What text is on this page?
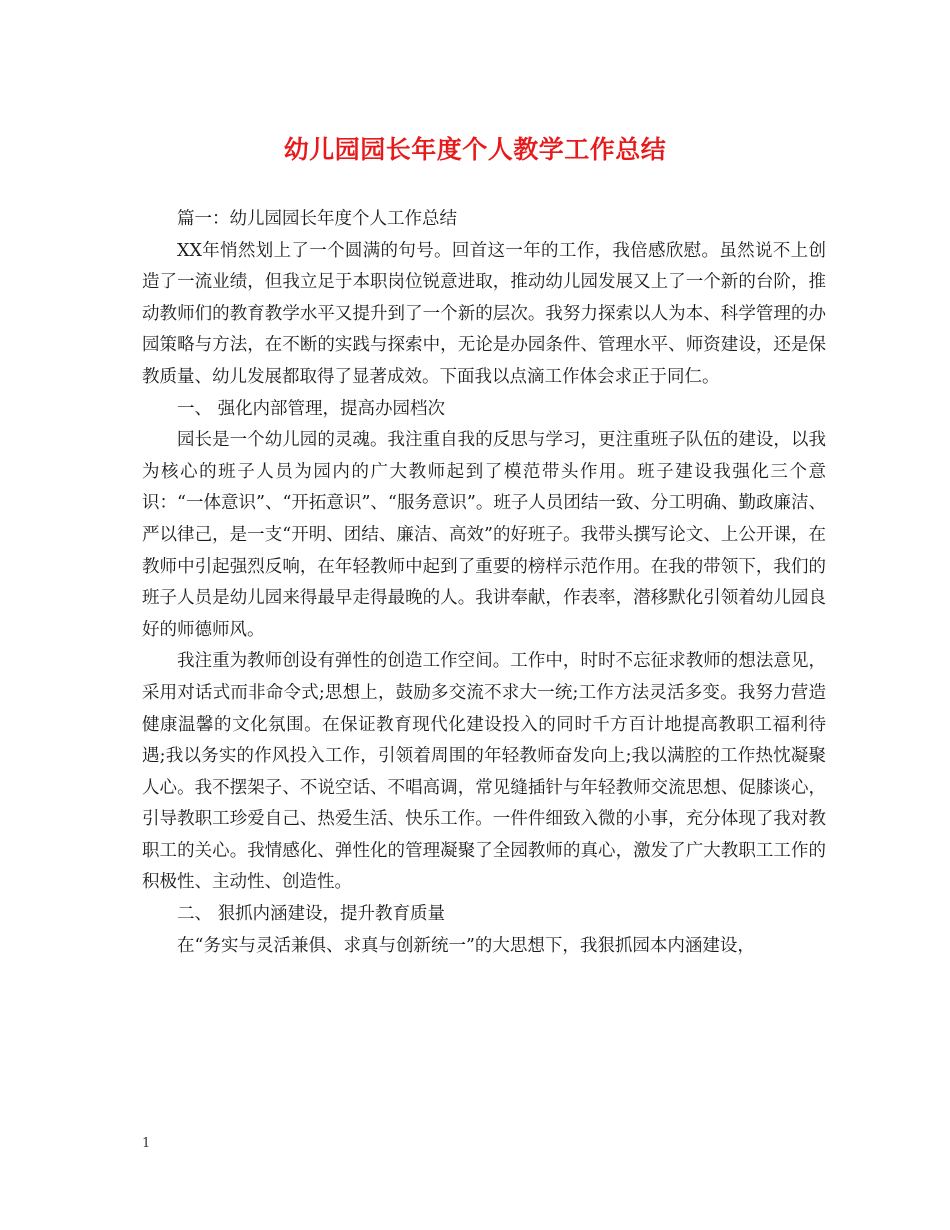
幼儿园园长年度个人教学工作总结

篇一：幼儿园园长年度个人工作总结

XX年悄然划上了一个圆满的句号。回首这一年的工作，我倍感欣慰。虽然说不上创造了一流业绩，但我立足于本职岗位锐意进取，推动幼儿园发展又上了一个新的台阶，推动教师们的教育教学水平又提升到了一个新的层次。我努力探索以人为本、科学管理的办园策略与方法，在不断的实践与探索中，无论是办园条件、管理水平、师资建设，还是保教质量、幼儿发展都取得了显著成效。下面我以点滴工作体会求正于同仁。

一、 强化内部管理，提高办园档次

园长是一个幼儿园的灵魂。我注重自我的反思与学习，更注重班子队伍的建设，以我为核心的班子人员为园内的广大教师起到了模范带头作用。班子建设我强化三个意识：“一体意识”、“开拓意识”、“服务意识”。班子人员团结一致、分工明确、勤政廉洁、严以律己，是一支“开明、团结、廉洁、高效”的好班子。我带头撰写论文、上公开课，在教师中引起强烈反响，在年轻教师中起到了重要的榜样示范作用。在我的带领下，我们的班子人员是幼儿园来得最早走得最晚的人。我讲奉献，作表率，潜移默化引领着幼儿园良好的师德师风。

我注重为教师创设有弹性的创造工作空间。工作中，时时不忘征求教师的想法意见，采用对话式而非命令式;思想上，鼓励多交流不求大一统;工作方法灵活多变。我努力营造健康温馨的文化氛围。在保证教育现代化建设投入的同时千方百计地提高教职工福利待遇;我以务实的作风投入工作，引领着周围的年轻教师奋发向上;我以满腔的工作热忱凝聚人心。我不摆架子、不说空话、不唱高调，常见缝插针与年轻教师交流思想、促膝谈心，引导教职工珍爱自己、热爱生活、快乐工作。一件件细致入微的小事，充分体现了我对教职工的关心。我情感化、弹性化的管理凝聚了全园教师的真心，激发了广大教职工工作的积极性、主动性、创造性。

二、 狠抓内涵建设，提升教育质量

在“务实与灵活兼俱、求真与创新统一”的大思想下，我狠抓园本内涵建设，

1
